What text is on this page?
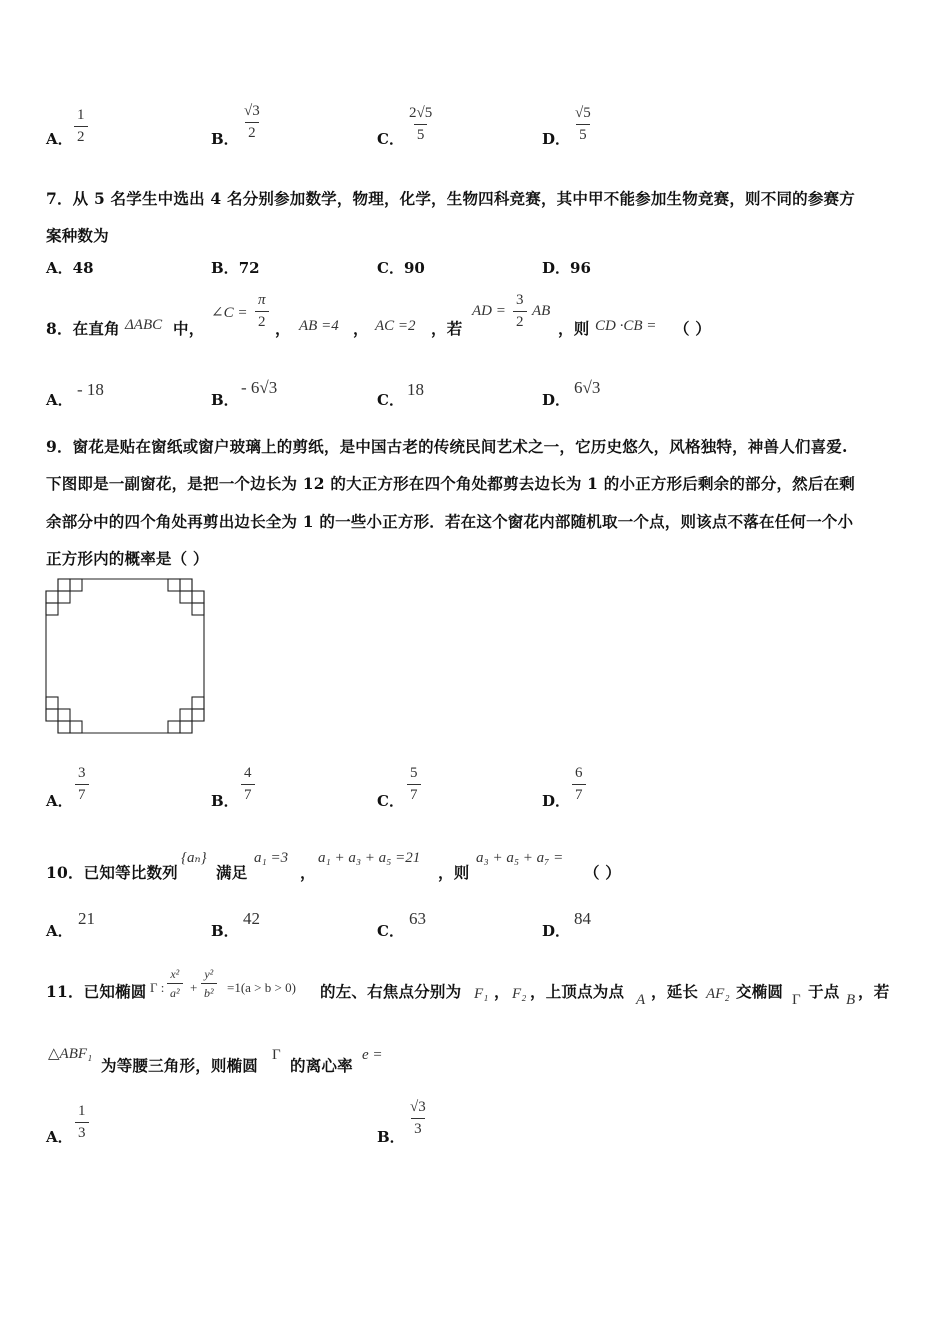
A． $\frac{1}{2}$	B． $\frac{√3}{2}$	C． $\frac{2√5}{5}$	D． $\frac{√5}{5}$
7．从 5 名学生中选出 4 名分别参加数学，物理，化学，生物四科竞赛，其中甲不能参加生物竞赛，则不同的参赛方
案种数为
A．48	B．72	C．90	D．96
8．在直角 ΔABC 中，
∠C = $\frac{\pi}{2}$ ， AB =4 ， AC =2 ，若
AD = $\frac{3}{2}$ AB
，则 CD ·CB = （ ）
A．
- 18
B．
- 6√3
C．
18
D．
6√3
9．窗花是贴在窗纸或窗户玻璃上的剪纸，是中国古老的传统民间艺术之一，它历史悠久，风格独特，神兽人们喜爱.
下图即是一副窗花，是把一个边长为 12 的大正方形在四个角处都剪去边长为 1 的小正方形后剩余的部分，然后在剩
余部分中的四个角处再剪出边长全为 1 的一些小正方形．若在这个窗花内部随机取一个点，则该点不落在任何一个小
正方形内的概率是（ ）
A． $\frac{3}{7}$	B． $\frac{4}{7}$	C． $\frac{5}{7}$	D． $\frac{6}{7}$
10．已知等比数列
{aₙ}
满足
a₁ =3
，
a₁ + a₃ + a₅ =21
，则
a₃ + a₅ + a₇ =
（ ）
A．
21
B．
42
C．
63
D．
84
11．已知椭圆 Γ : $\frac{\text{x²}}{\text{a²}} + \frac{\text{y²}}{\text{b²}} =1(a > b > 0)$ 的左、右焦点分别为 F₁ ， F₂ ，上顶点为点 A ，延长 AF₂ 交椭圆 Γ 于点 B ，若
△ABF₁
为等腰三角形，则椭圆
Γ
的离心率
e =
A． $\frac{1}{3}$	B． $\frac{√3}{3}$
